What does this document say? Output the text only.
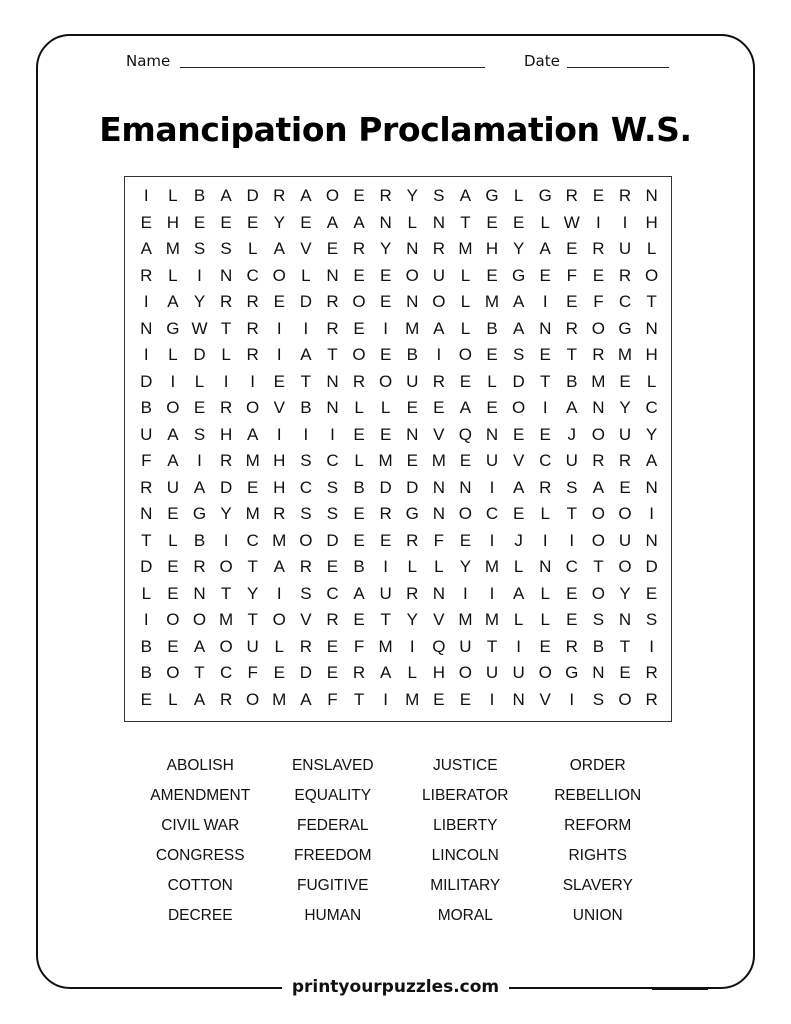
Name	Date
Emancipation Proclamation W.S.
I	L B A D R A O E R Y S A G L G R E R N
E H E E E Y E A A N L N T E E L W I	I	H
A M S S L A V E R Y N R M H Y A E R U L
R L	I	N C O L N E E O U L E G E F E R O
I	A Y R R E D R O E N O L M A	I	E F C T
N G W T R	I	I	R E	I	M A L B A N R O G N
I	L D L R	I	A T O E B	I	O E S E T R M H
D	I	L	I	I	E T N R O U R E L D T B M E L
B O E R O V B N L	L E E A E O	I	A N Y C
U A S H A	I	I	I	E E N V Q N E E J O U Y
F A	I	R M H S C L M E M E U V C U R R A
R U A D E H C S B D D N N	I	A R S A E N
N E G Y M R S S E R G N O C E L T O O	I
T L B	I	C M O D E E R F E	I	J	I	I	O U N
D E R O T A R E B	I	L	L Y M L N C T O D
L E N T Y	I	S C A U R N	I	I	A L E O Y E
I	O O M T O V R E T Y V M M L	L E S N S
B E A O U L R E F M	I	Q U T	I	E R B T	I
B O T C F E D E R A L H O U U O G N E R
E L A R O M A F T	I	M E E	I	N V	I	S O R
ABOLISH	ENSLAVED	JUSTICE	ORDER
AMENDMENT	EQUALITY	LIBERATOR	REBELLION
CIVIL WAR	FEDERAL	LIBERTY	REFORM
CONGRESS	FREEDOM	LINCOLN	RIGHTS
COTTON	FUGITIVE	MILITARY	SLAVERY
DECREE	HUMAN	MORAL	UNION
printyourpuzzles.com
